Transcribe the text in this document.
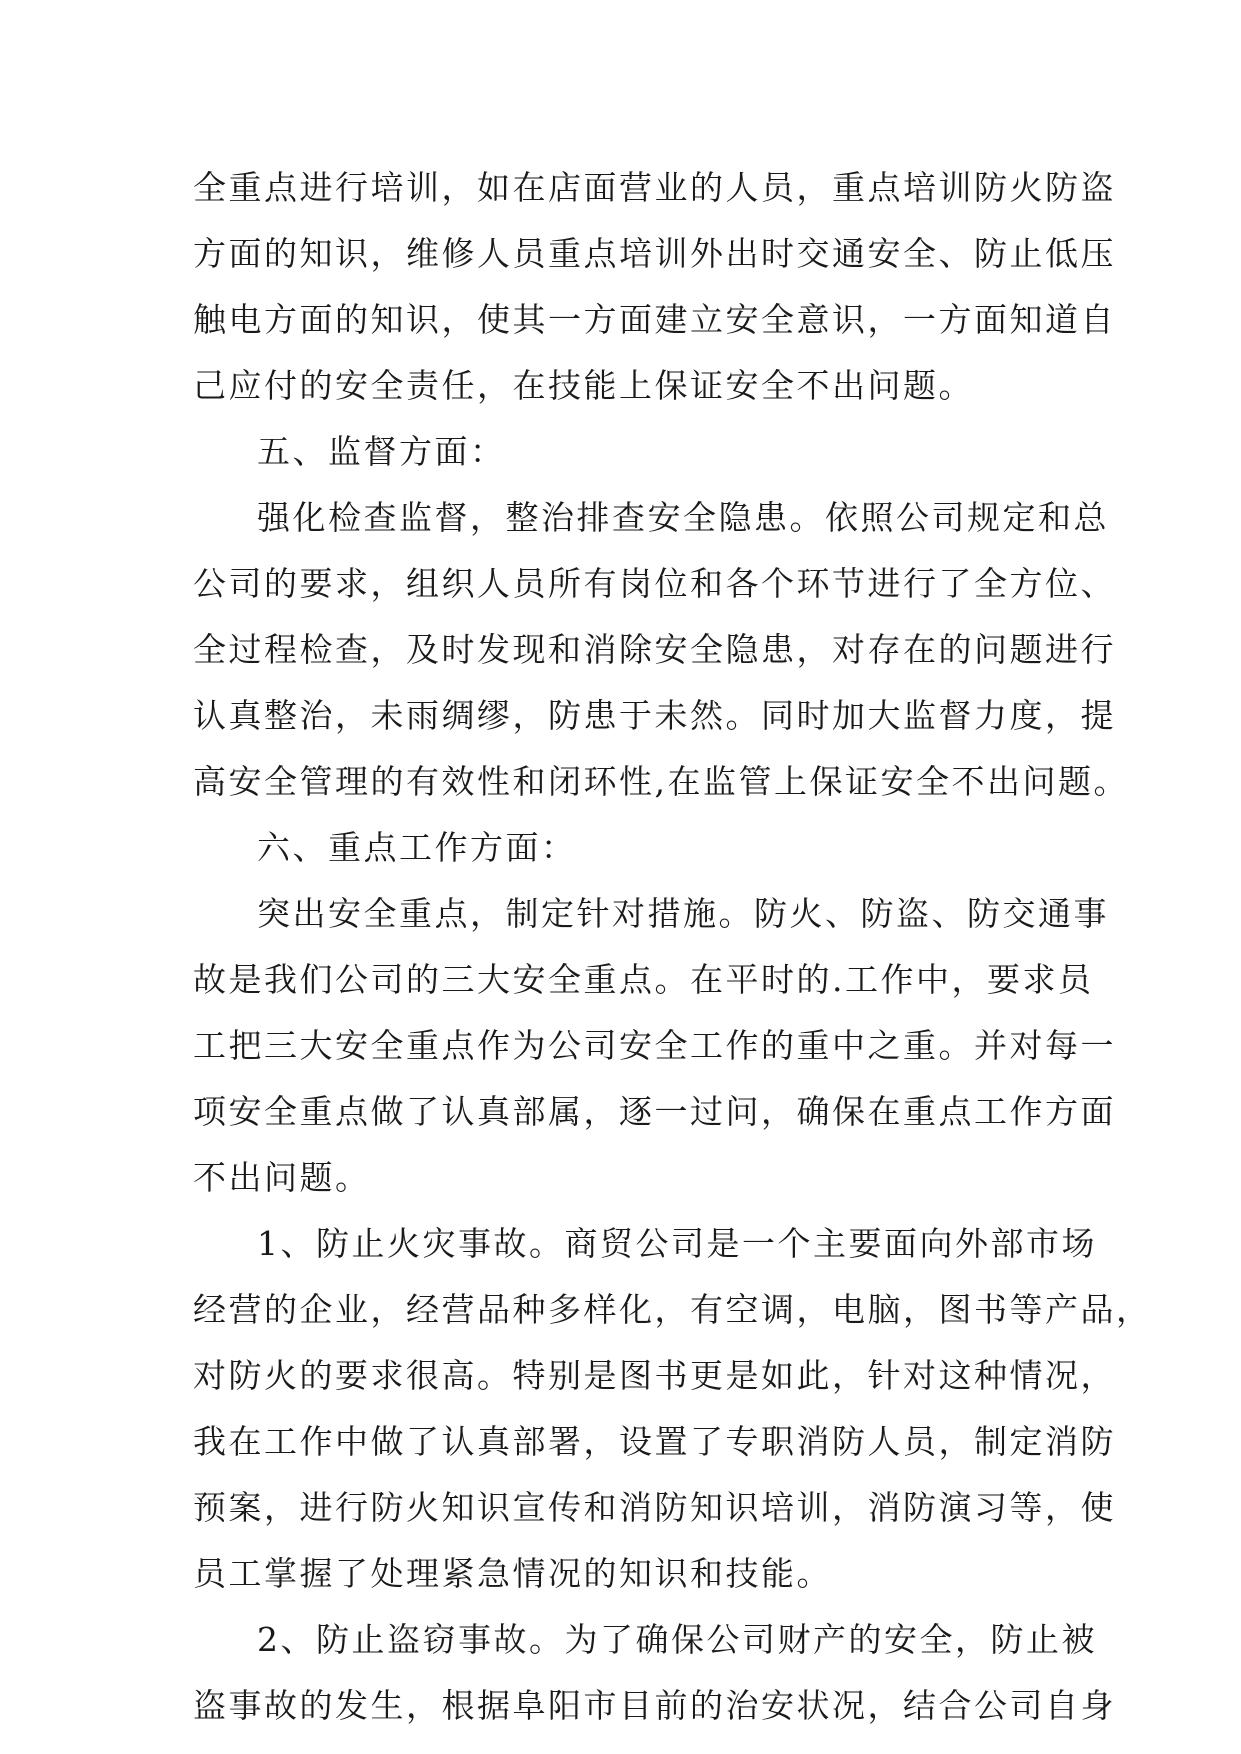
全重点进行培训，如在店面营业的人员，重点培训防火防盗
方面的知识，维修人员重点培训外出时交通安全、防止低压
触电方面的知识，使其一方面建立安全意识，一方面知道自
己应付的安全责任，在技能上保证安全不出问题。
五、监督方面：
强化检查监督，整治排查安全隐患。依照公司规定和总
公司的要求，组织人员所有岗位和各个环节进行了全方位、
全过程检查，及时发现和消除安全隐患，对存在的问题进行
认真整治，未雨绸缪，防患于未然。同时加大监督力度，提
高安全管理的有效性和闭环性,在监管上保证安全不出问题。
六、重点工作方面：
突出安全重点，制定针对措施。防火、防盗、防交通事
故是我们公司的三大安全重点。在平时的.工作中，要求员
工把三大安全重点作为公司安全工作的重中之重。并对每一
项安全重点做了认真部属，逐一过问，确保在重点工作方面
不出问题。
1、防止火灾事故。商贸公司是一个主要面向外部市场
经营的企业，经营品种多样化，有空调，电脑，图书等产品，
对防火的要求很高。特别是图书更是如此，针对这种情况，
我在工作中做了认真部署，设置了专职消防人员，制定消防
预案，进行防火知识宣传和消防知识培训，消防演习等，使
员工掌握了处理紧急情况的知识和技能。
2、防止盗窃事故。为了确保公司财产的安全，防止被
盗事故的发生，根据阜阳市目前的治安状况，结合公司自身
